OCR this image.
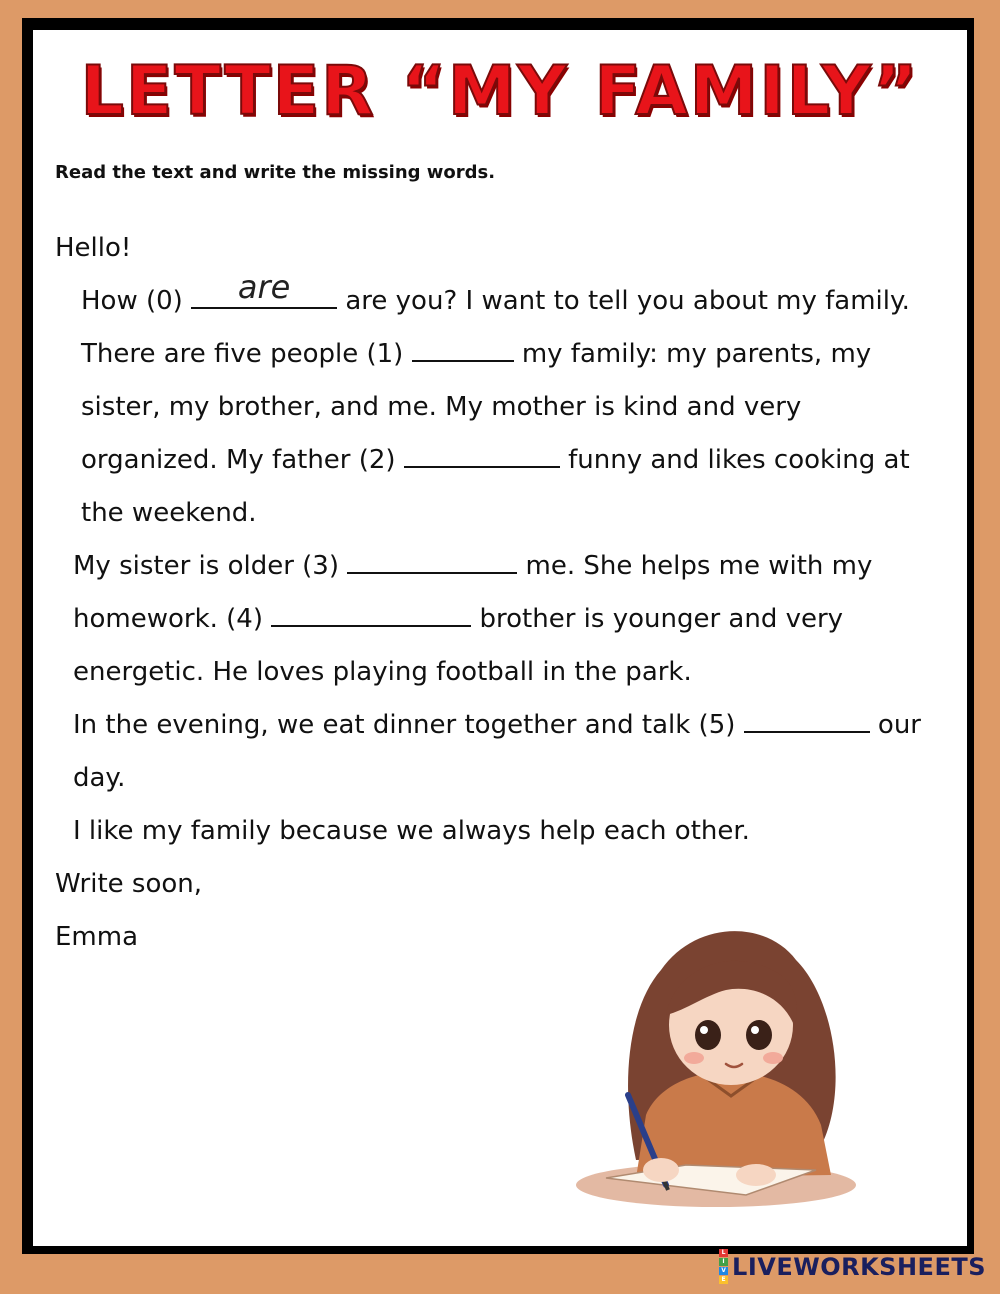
LETTER “MY FAMILY”

Read the text and write the missing words.

Hello!

How (0)	are	are you? I want to tell you about my family.

There are five people (1)	my family: my parents, my sister, my brother, and me. My mother is kind and very organized. My father (2)	funny and likes cooking at the weekend.

My sister is older (3)	me. She helps me with my homework. (4)	brother is younger and very energetic. He loves playing football in the park.

In the evening, we eat dinner together and talk (5)	our day.

I like my family because we always help each other.

Write soon,

Emma

L
I
V
E LIVEWORKSHEETS
